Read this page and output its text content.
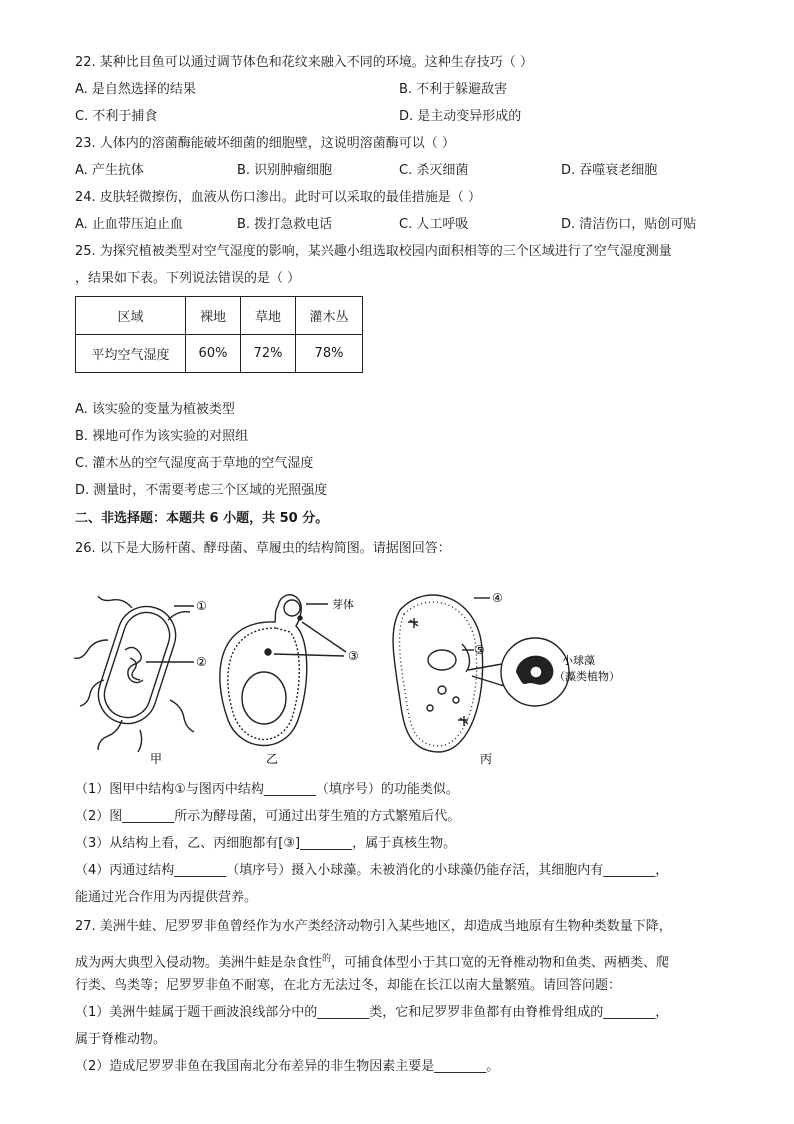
22. 某种比目鱼可以通过调节体色和花纹来融入不同的环境。这种生存技巧（ ）
A. 是自然选择的结果	B. 不利于躲避敌害
C. 不利于捕食	D. 是主动变异形成的
23. 人体内的溶菌酶能破坏细菌的细胞壁，这说明溶菌酶可以（ ）
A. 产生抗体	B. 识别肿瘤细胞	C. 杀灭细菌	D. 吞噬衰老细胞
24. 皮肤轻微擦伤，血液从伤口渗出。此时可以采取的最佳措施是（ ）
A. 止血带压迫止血	B. 拨打急救电话	C. 人工呼吸	D. 清洁伤口，贴创可贴
25. 为探究植被类型对空气湿度的影响，某兴趣小组选取校园内面积相等的三个区域进行了空气湿度测量
，结果如下表。下列说法错误的是（ ）
区域	裸地	草地	灌木丛
平均空气湿度	60%	72%	78%
A. 该实验的变量为植被类型
B. 裸地可作为该实验的对照组
C. 灌木丛的空气湿度高于草地的空气湿度
D. 测量时，不需要考虑三个区域的光照强度
二、非选择题：本题共 6 小题，共 50 分。
26. 以下是大肠杆菌、酵母菌、草履虫的结构简图。请据图回答：
①
②
甲
芽体
③
乙
④
⑤
小球藻
（藻类植物）
丙
（1）图甲中结构①与图丙中结构________（填序号）的功能类似。
（2）图________所示为酵母菌，可通过出芽生殖的方式繁殖后代。
（3）从结构上看，乙、丙细胞都有[③]________，属于真核生物。
（4）丙通过结构________（填序号）摄入小球藻。未被消化的小球藻仍能存活，其细胞内有________，
能通过光合作用为丙提供营养。
27. 美洲牛蛙、尼罗罗非鱼曾经作为水产类经济动物引入某些地区，却造成当地原有生物种类数量下降，
成为两大典型入侵动物。美洲牛蛙是杂食性$^的$，可捕食体型小于其口宽的无脊椎动物和鱼类、两栖类、爬
行类、鸟类等；尼罗罗非鱼不耐寒，在北方无法过冬，却能在长江以南大量繁殖。请回答问题：
（1）美洲牛蛙属于题干画波浪线部分中的________类，它和尼罗罗非鱼都有由脊椎骨组成的________，
属于脊椎动物。
（2）造成尼罗罗非鱼在我国南北分布差异的非生物因素主要是________。
